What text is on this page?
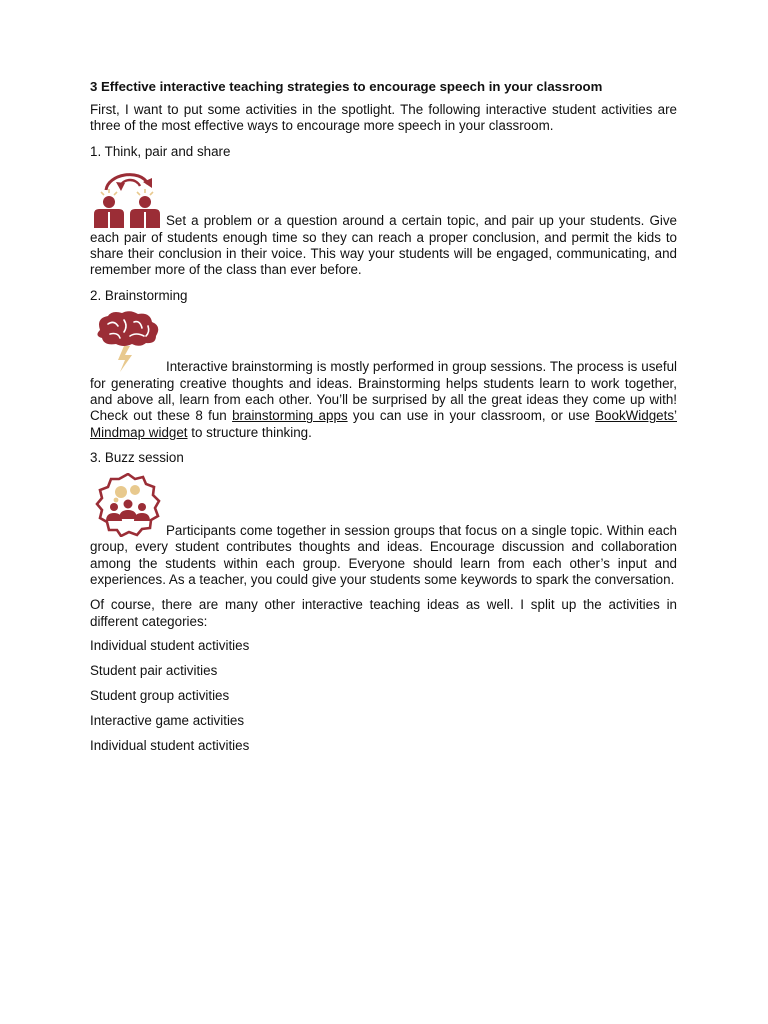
3 Effective interactive teaching strategies to encourage speech in your classroom

First, I want to put some activities in the spotlight. The following interactive student activities are three of the most effective ways to encourage more speech in your classroom.

1. Think, pair and share

Set a problem or a question around a certain topic, and pair up your students. Give each pair of students enough time so they can reach a proper conclusion, and permit the kids to share their conclusion in their voice. This way your students will be engaged, communicating, and remember more of the class than ever before.

2. Brainstorming

Interactive brainstorming is mostly performed in group sessions. The process is useful for generating creative thoughts and ideas. Brainstorming helps students learn to work together, and above all, learn from each other. You’ll be surprised by all the great ideas they come up with! Check out these 8 fun brainstorming apps you can use in your classroom, or use BookWidgets’ Mindmap widget to structure thinking.

3. Buzz session

Participants come together in session groups that focus on a single topic. Within each group, every student contributes thoughts and ideas. Encourage discussion and collaboration among the students within each group. Everyone should learn from each other’s input and experiences. As a teacher, you could give your students some keywords to spark the conversation.

Of course, there are many other interactive teaching ideas as well. I split up the activities in different categories:

Individual student activities
Student pair activities
Student group activities
Interactive game activities
Individual student activities
